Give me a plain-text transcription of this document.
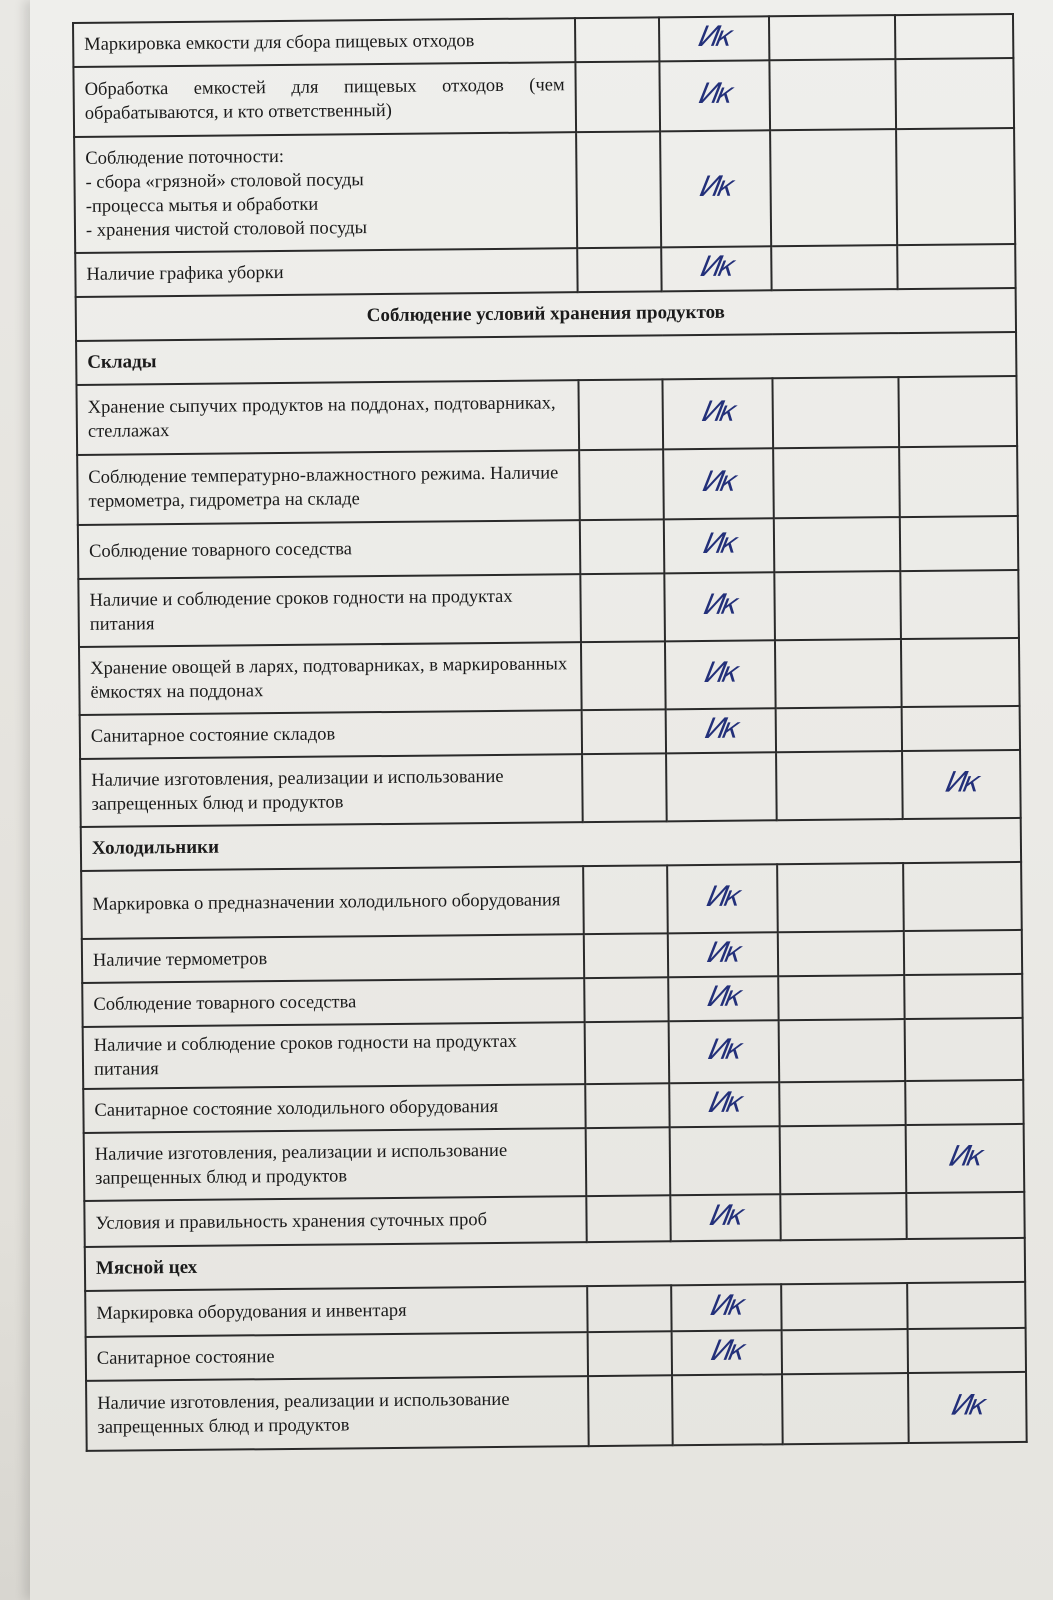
Маркировка емкости для сбора пищевых отходов		Ик		
Обработка емкостей для пищевых отходов (чем обрабатываются, и кто ответственный)		Ик		

Соблюдение поточности:
- сбора «грязной» столовой посуды
-процесса мытья и обработки
- хранения чистой столовой посуды		Ик		
Наличие графика уборки		Ик		
Соблюдение условий хранения продуктов				
Склады				
Хранение сыпучих продуктов на поддонах, подтоварниках, стеллажах		Ик		
Соблюдение температурно-влажностного режима. Наличие термометра, гидрометра на складе		Ик		
Соблюдение товарного соседства		Ик		
Наличие и соблюдение сроков годности на продуктах питания		Ик		
Хранение овощей в ларях, подтоварниках, в маркированных ёмкостях на поддонах		Ик		
Санитарное состояние складов		Ик		
Наличие изготовления, реализации и использование запрещенных блюд и продуктов				Ик
Холодильники				
Маркировка о предназначении холодильного оборудования		Ик		
Наличие термометров		Ик		
Соблюдение товарного соседства		Ик		
Наличие и соблюдение сроков годности на продуктах питания		Ик		
Санитарное состояние холодильного оборудования		Ик		
Наличие изготовления, реализации и использование запрещенных блюд и продуктов				Ик
Условия и правильность хранения суточных проб		Ик		
Мясной цех				
Маркировка оборудования и инвентаря		Ик		
Санитарное состояние		Ик		
Наличие изготовления, реализации и использование запрещенных блюд и продуктов				Ик
